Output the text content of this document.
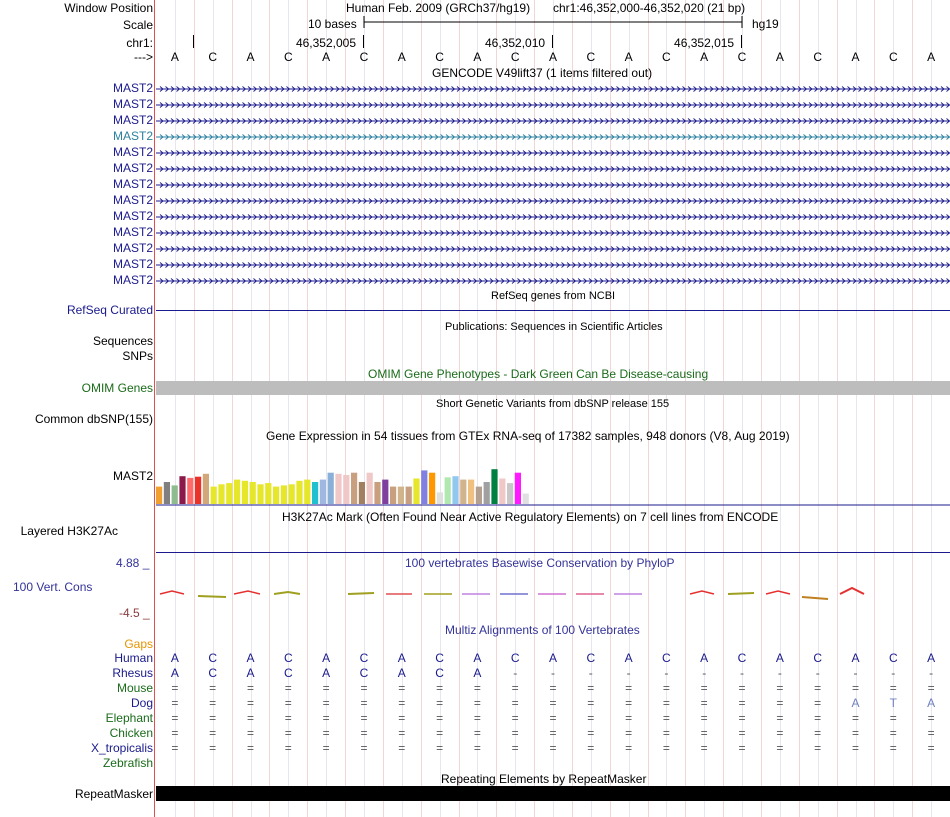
Window Position	Human Feb. 2009 (GRCh37/hg19) chr1:46,352,000-46,352,020 (21 bp)
Scale	10 bases	hg19
chr1:	46,352,005	46,352,010	46,352,015
--->	A	C	A	C	A	C	A	C	A	C	A	C	A	C	A	C	A	C	A	C	A
GENCODE V49lift37 (1 items filtered out)
MAST2
MAST2
MAST2
MAST2
MAST2
MAST2
MAST2
MAST2
MAST2
MAST2
MAST2
MAST2
MAST2
RefSeq genes from NCBI
RefSeq Curated
Publications: Sequences in Scientific Articles
Sequences
SNPs
OMIM Gene Phenotypes - Dark Green Can Be Disease-causing
OMIM Genes
Short Genetic Variants from dbSNP release 155
Common dbSNP(155)
Gene Expression in 54 tissues from GTEx RNA-seq of 17382 samples, 948 donors (V8, Aug 2019)
MAST2
H3K27Ac Mark (Often Found Near Active Regulatory Elements) on 7 cell lines from ENCODE
Layered H3K27Ac
100 vertebrates Basewise Conservation by PhyloP
4.88 _
100 Vert. Cons
-4.5 _
Multiz Alignments of 100 Vertebrates
Gaps
Human	A	C	A	C	A	C	A	C	A	C	A	C	A	C	A	C	A	C	A	C	A
Rhesus	A	C	A	C	A	C	A	C	A	-	-	-	-	-	-	-	-	-	-	-	-
Mouse	=	=	=	=	=	=	=	=	=	=	=	=	=	=	=	=	=	=	=	=	=
Dog	=	=	=	=	=	=	=	=	=	=	=	=	=	=	=	=	=	=	A	T	A
Elephant	=	=	=	=	=	=	=	=	=	=	=	=	=	=	=	=	=	=	=	=	=
Chicken	=	=	=	=	=	=	=	=	=	=	=	=	=	=	=	=	=	=	=	=	=
X_tropicalis	=	=	=	=	=	=	=	=	=	=	=	=	=	=	=	=	=	=	=	=	=
Zebrafish
Repeating Elements by RepeatMasker
RepeatMasker
